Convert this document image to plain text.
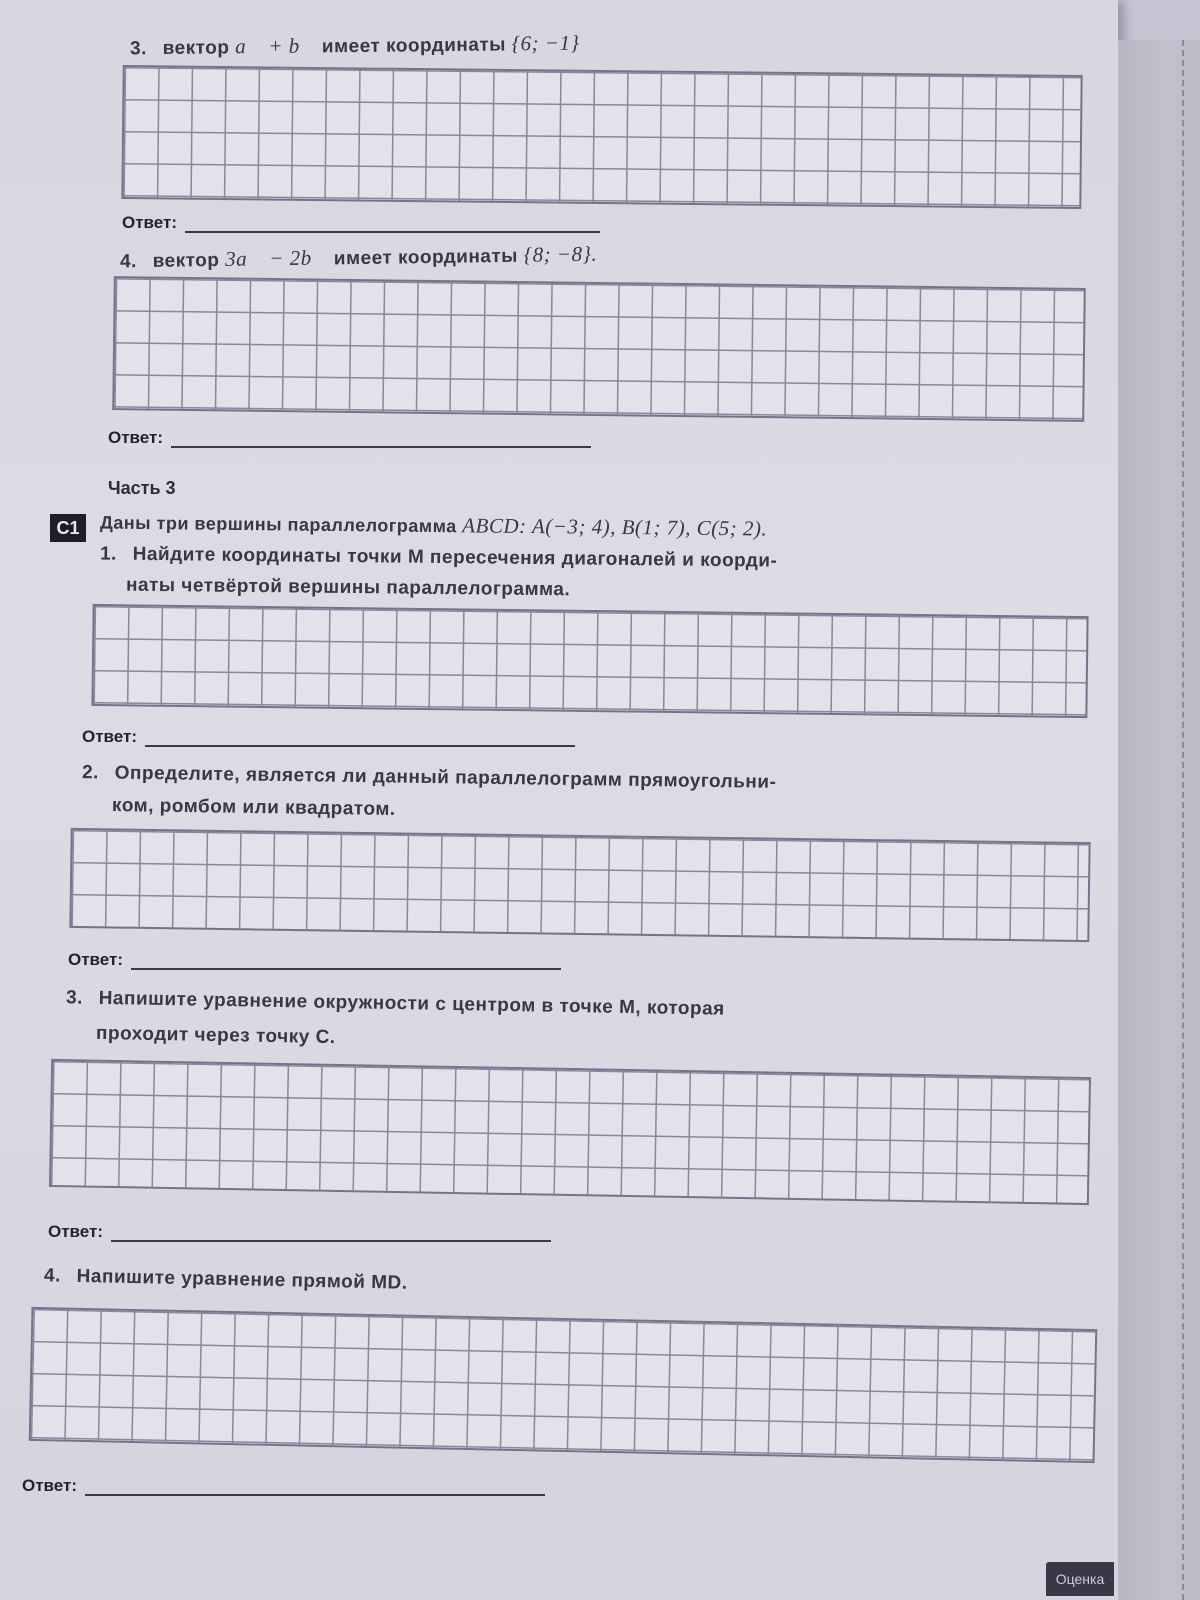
3. вектор a⃗ + b⃗ имеет координаты {6; −1}
Ответ:
4. вектор 3a⃗ − 2b⃗ имеет координаты {8; −8}.
Ответ:
Часть 3
C1	Даны три вершины параллелограмма ABCD: A(−3; 4), B(1; 7), C(5; 2).
1. Найдите координаты точки M пересечения диагоналей и коорди-
наты четвёртой вершины параллелограмма.
Ответ:
2. Определите, является ли данный параллелограмм прямоугольни-
ком, ромбом или квадратом.
Ответ:
3. Напишите уравнение окружности с центром в точке M, которая
проходит через точку C.
Ответ:
4. Напишите уравнение прямой MD.
Ответ:
Оценка
